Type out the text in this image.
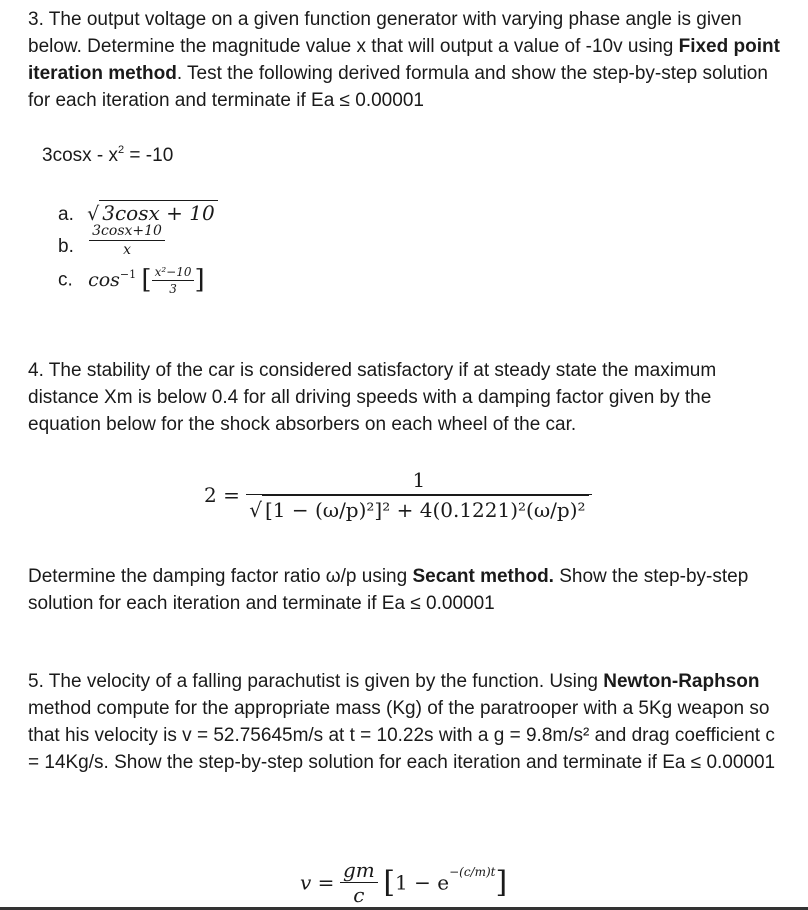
3. The output voltage on a given function generator with varying phase angle is given below. Determine the magnitude value x that will output a value of -10v using Fixed point iteration method. Test the following derived formula and show the step-by-step solution for each iteration and terminate if Ea ≤ 0.00001

$3\cos x - x^2 = -10$
a. √ 3cosx + 10
b. $\frac{3\cos x+10}{x}$
c. $\cos^{-1}$ [ $\frac{\text{x²−10}}{3}$ ]

4. The stability of the car is considered satisfactory if at steady state the maximum distance Xm is below 0.4 for all driving speeds with a damping factor given by the equation below for the shock absorbers on each wheel of the car.

$2 = \frac{1}{\text{√ [1 − (ω/p)²]² + 4(0.1221)²(ω/p)²}}$

Determine the damping factor ratio ω/p using Secant method. Show the step-by-step solution for each iteration and terminate if Ea ≤ 0.00001

5. The velocity of a falling parachutist is given by the function. Using Newton-Raphson method compute for the appropriate mass (Kg) of the paratrooper with a 5Kg weapon so that his velocity is v = 52.75645m/s at t = 10.22s with a g = 9.8m/s² and drag coefficient c = 14Kg/s. Show the step-by-step solution for each iteration and terminate if Ea ≤ 0.00001

$v = \frac{gm}{c} [1 - e^{-(c/m)t}]$
